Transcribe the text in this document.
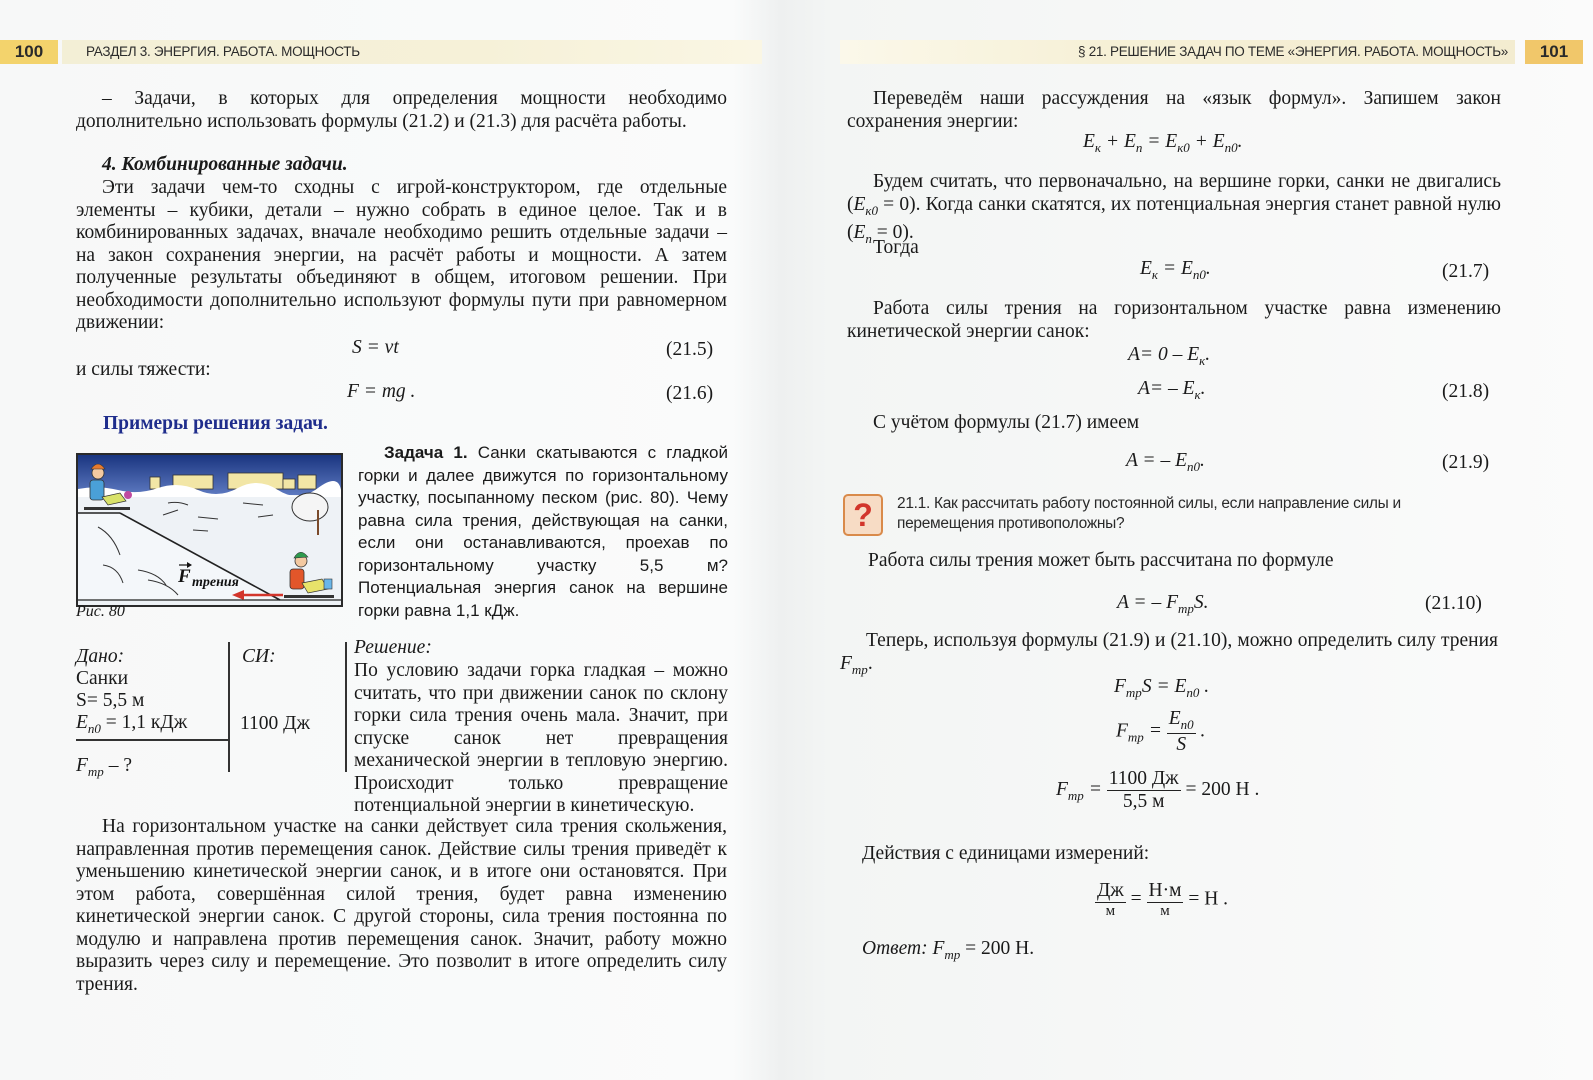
100	РАЗДЕЛ 3. ЭНЕРГИЯ. РАБОТА. МОЩНОСТЬ
– Задачи, в которых для определения мощности необходимо дополнительно использовать формулы (21.2) и (21.3) для расчёта работы.
4. Комбинированные задачи.
Эти задачи чем-то сходны с игрой-конструктором, где отдельные элементы – кубики, детали – нужно собрать в единое целое. Так и в комбинированных задачах, вначале необходимо решить отдельные задачи – на закон сохранения энергии, на расчёт работы и мощности. А затем полученные результаты объединяют в общем, итоговом решении. При необходимости дополнительно используют формулы пути при равномерном движении:
S = vt	(21.5)
и силы тяжести:
F = mg .	(21.6)
Примеры решения задач.
F трения
Рис. 80
Задача 1. Санки скатываются с гладкой горки и далее движутся по горизонтальному участку, посыпанному песком (рис. 80). Чему равна сила трения, действующая на санки, если они останавливаются, проехав по горизонтальному участку 5,5 м? Потенциальная энергия санок на вершине горки равна 1,1 кДж.
Дано:
Санки
S= 5,5 м
$E_{п0} = 1,1$ кДж
$F_{тр}$ – ?
СИ:
1100 Дж
Решение:
По условию задачи горка гладкая – можно считать, что при движении санок по склону горки сила трения очень мала. Значит, при спуске санок нет превращения механической энергии в тепловую энергию. Происходит только превращение потенциальной энергии в кинетическую.
На горизонтальном участке на санки действует сила трения скольжения, направленная против перемещения санок. Действие силы трения приведёт к уменьшению кинетической энергии санок, и в итоге они остановятся. При этом работа, совершённая силой трения, будет равна изменению кинетической энергии санок. С другой стороны, сила трения постоянна по модулю и направлена против перемещения санок. Значит, работу можно выразить через силу и перемещение. Это позволит в итоге определить силу трения.
§ 21. РЕШЕНИЕ ЗАДАЧ ПО ТЕМЕ «ЭНЕРГИЯ. РАБОТА. МОЩНОСТЬ»	101
Переведём наши рассуждения на «язык формул». Запишем закон сохранения энергии:
$E_к + E_п = E_{к0} + E_{п0}$.
Будем считать, что первоначально, на вершине горки, санки не двигались $(E_{к0} = 0)$. Когда санки скатятся, их потенциальная энергия станет равной нулю $(E_п = 0)$.
Тогда
$E_к = E_{п0}$.	(21.7)
Работа силы трения на горизонтальном участке равна изменению кинетической энергии санок:
$A= 0 - E_к$.
$A= - E_к$.	(21.8)
С учётом формулы (21.7) имеем
A = – $E_{п0}$.	(21.9)
?	21.1. Как рассчитать работу постоянной силы, если направление силы и перемещения противоположны?
Работа силы трения может быть рассчитана по формуле
A = – $F_{тр}S$.	(21.10)
Теперь, используя формулы (21.9) и (21.10), можно определить силу трения $F_{тр}$.
$F_{тр}S = E_{п0}$ .
$F_{тр} = \frac{E_{п0}}{S}$ .
$F_{тр} = \frac{1100 Дж}{5,5 м} = 200$ Н .
Действия с единицами измерений:
$\frac{Дж}{м} = \frac{Н\cdot м}{м} = Н$ .
Ответ: $F_{тр} = 200$ Н.
